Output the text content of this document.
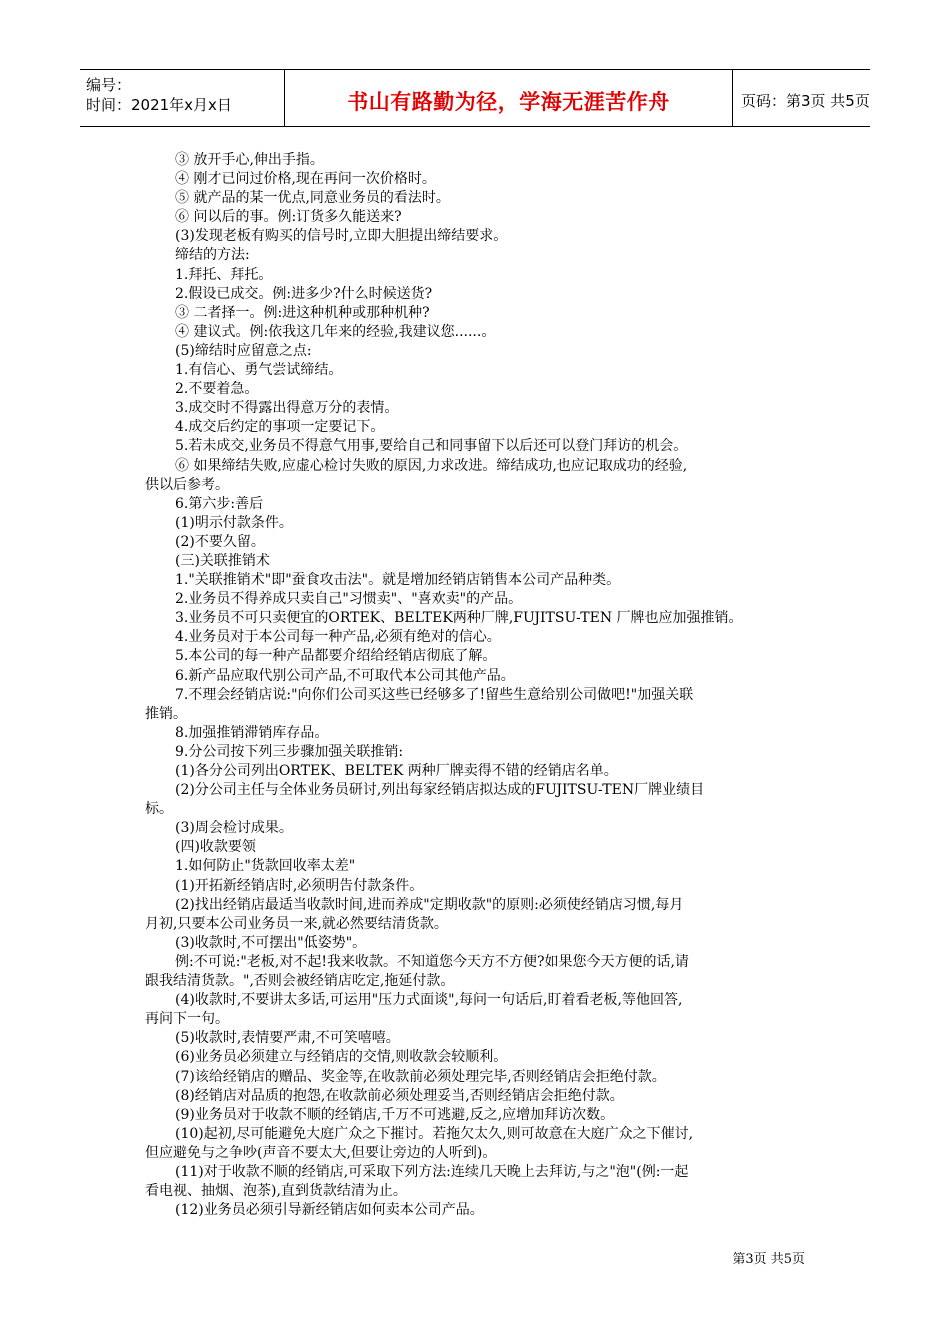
编号：
时间：2021年x月x日	书山有路勤为径，学海无涯苦作舟	页码：第3页 共5页
③ 放开手心,伸出手指。
④ 刚才已问过价格,现在再问一次价格时。
⑤ 就产品的某一优点,同意业务员的看法时。
⑥ 问以后的事。例:订货多久能送来?
(3)发现老板有购买的信号时,立即大胆提出缔结要求。
缔结的方法:
1.拜托、拜托。
2.假设已成交。例:进多少?什么时候送货?
③ 二者择一。例:进这种机种或那种机种?
④ 建议式。例:依我这几年来的经验,我建议您......。
(5)缔结时应留意之点:
1.有信心、勇气尝试缔结。
2.不要着急。
3.成交时不得露出得意万分的表情。
4.成交后约定的事项一定要记下。
5.若未成交,业务员不得意气用事,要给自己和同事留下以后还可以登门拜访的机会。
⑥ 如果缔结失败,应虚心检讨失败的原因,力求改进。缔结成功,也应记取成功的经验,
供以后参考。
6.第六步:善后
(1)明示付款条件。
(2)不要久留。
(三)关联推销术
1."关联推销术"即"蚕食攻击法"。就是增加经销店销售本公司产品种类。
2.业务员不得养成只卖自己"习惯卖"、"喜欢卖"的产品。
3.业务员不可只卖便宜的ORTEK、BELTEK两种厂牌,FUJITSU-TEN 厂牌也应加强推销。
4.业务员对于本公司每一种产品,必须有绝对的信心。
5.本公司的每一种产品都要介绍给经销店彻底了解。
6.新产品应取代别公司产品,不可取代本公司其他产品。
7.不理会经销店说:"向你们公司买这些已经够多了!留些生意给别公司做吧!"加强关联
推销。
8.加强推销滞销库存品。
9.分公司按下列三步骤加强关联推销:
(1)各分公司列出ORTEK、BELTEK 两种厂牌卖得不错的经销店名单。
(2)分公司主任与全体业务员研讨,列出每家经销店拟达成的FUJITSU-TEN厂牌业绩目
标。
(3)周会检讨成果。
(四)收款要领
1.如何防止"货款回收率太差"
(1)开拓新经销店时,必须明告付款条件。
(2)找出经销店最适当收款时间,进而养成"定期收款"的原则:必须使经销店习惯,每月
月初,只要本公司业务员一来,就必然要结清货款。
(3)收款时,不可摆出"低姿势"。
例:不可说:"老板,对不起!我来收款。不知道您今天方不方便?如果您今天方便的话,请
跟我结清货款。",否则会被经销店吃定,拖延付款。
(4)收款时,不要讲太多话,可运用"压力式面谈",每问一句话后,盯着看老板,等他回答,
再问下一句。
(5)收款时,表情要严肃,不可笑嘻嘻。
(6)业务员必须建立与经销店的交情,则收款会较顺利。
(7)该给经销店的赠品、奖金等,在收款前必须处理完毕,否则经销店会拒绝付款。
(8)经销店对品质的抱怨,在收款前必须处理妥当,否则经销店会拒绝付款。
(9)业务员对于收款不顺的经销店,千万不可逃避,反之,应增加拜访次数。
(10)起初,尽可能避免大庭广众之下摧讨。若拖欠太久,则可故意在大庭广众之下催讨,
但应避免与之争吵(声音不要太大,但要让旁边的人听到)。
(11)对于收款不顺的经销店,可采取下列方法:连续几天晚上去拜访,与之"泡"(例:一起
看电视、抽烟、泡茶),直到货款结清为止。
(12)业务员必须引导新经销店如何卖本公司产品。
第3页 共5页
